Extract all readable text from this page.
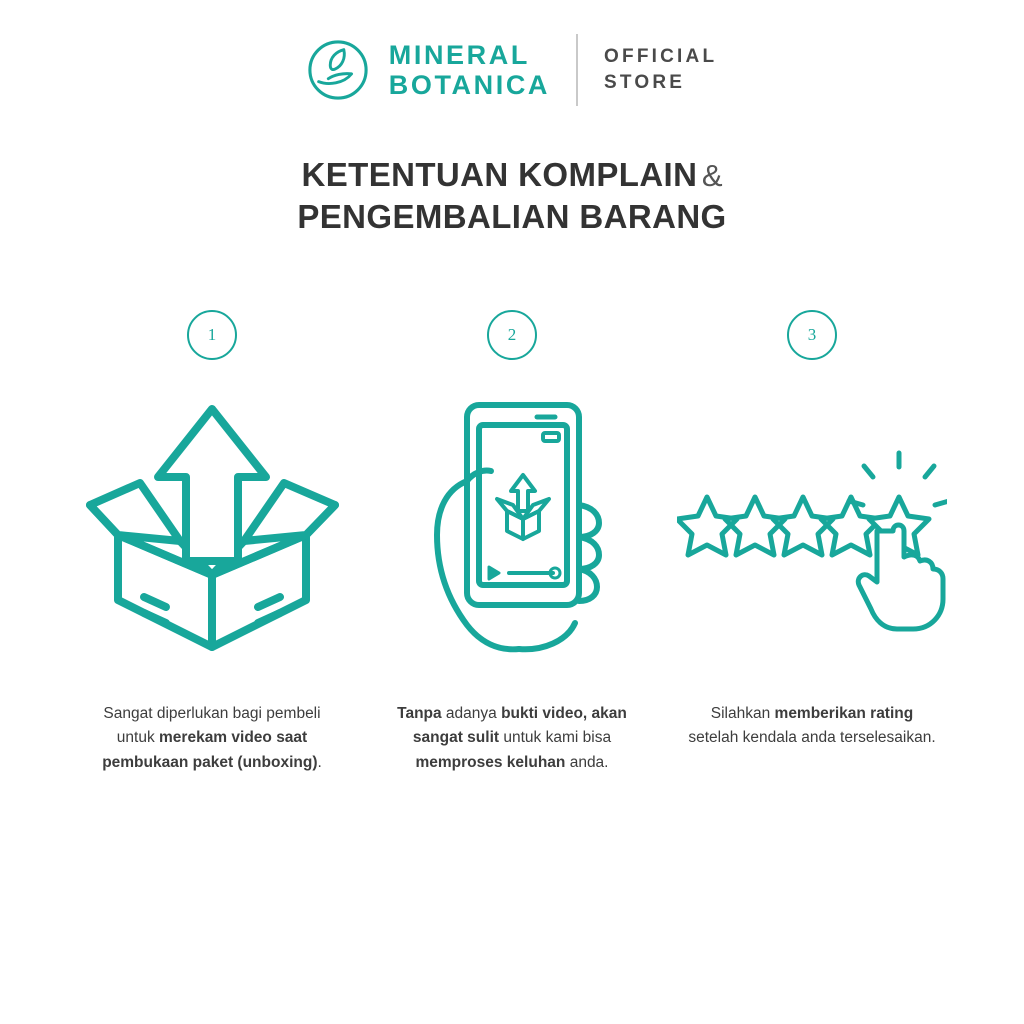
MINERAL
BOTANICA
OFFICIAL
STORE
KETENTUAN KOMPLAIN &
PENGEMBALIAN BARANG
1
Sangat diperlukan bagi pembeli untuk merekam video saat pembukaan paket (unboxing).
2
Tanpa adanya bukti video, akan sangat sulit untuk kami bisa memproses keluhan anda.
3
Silahkan memberikan rating setelah kendala anda terselesaikan.
